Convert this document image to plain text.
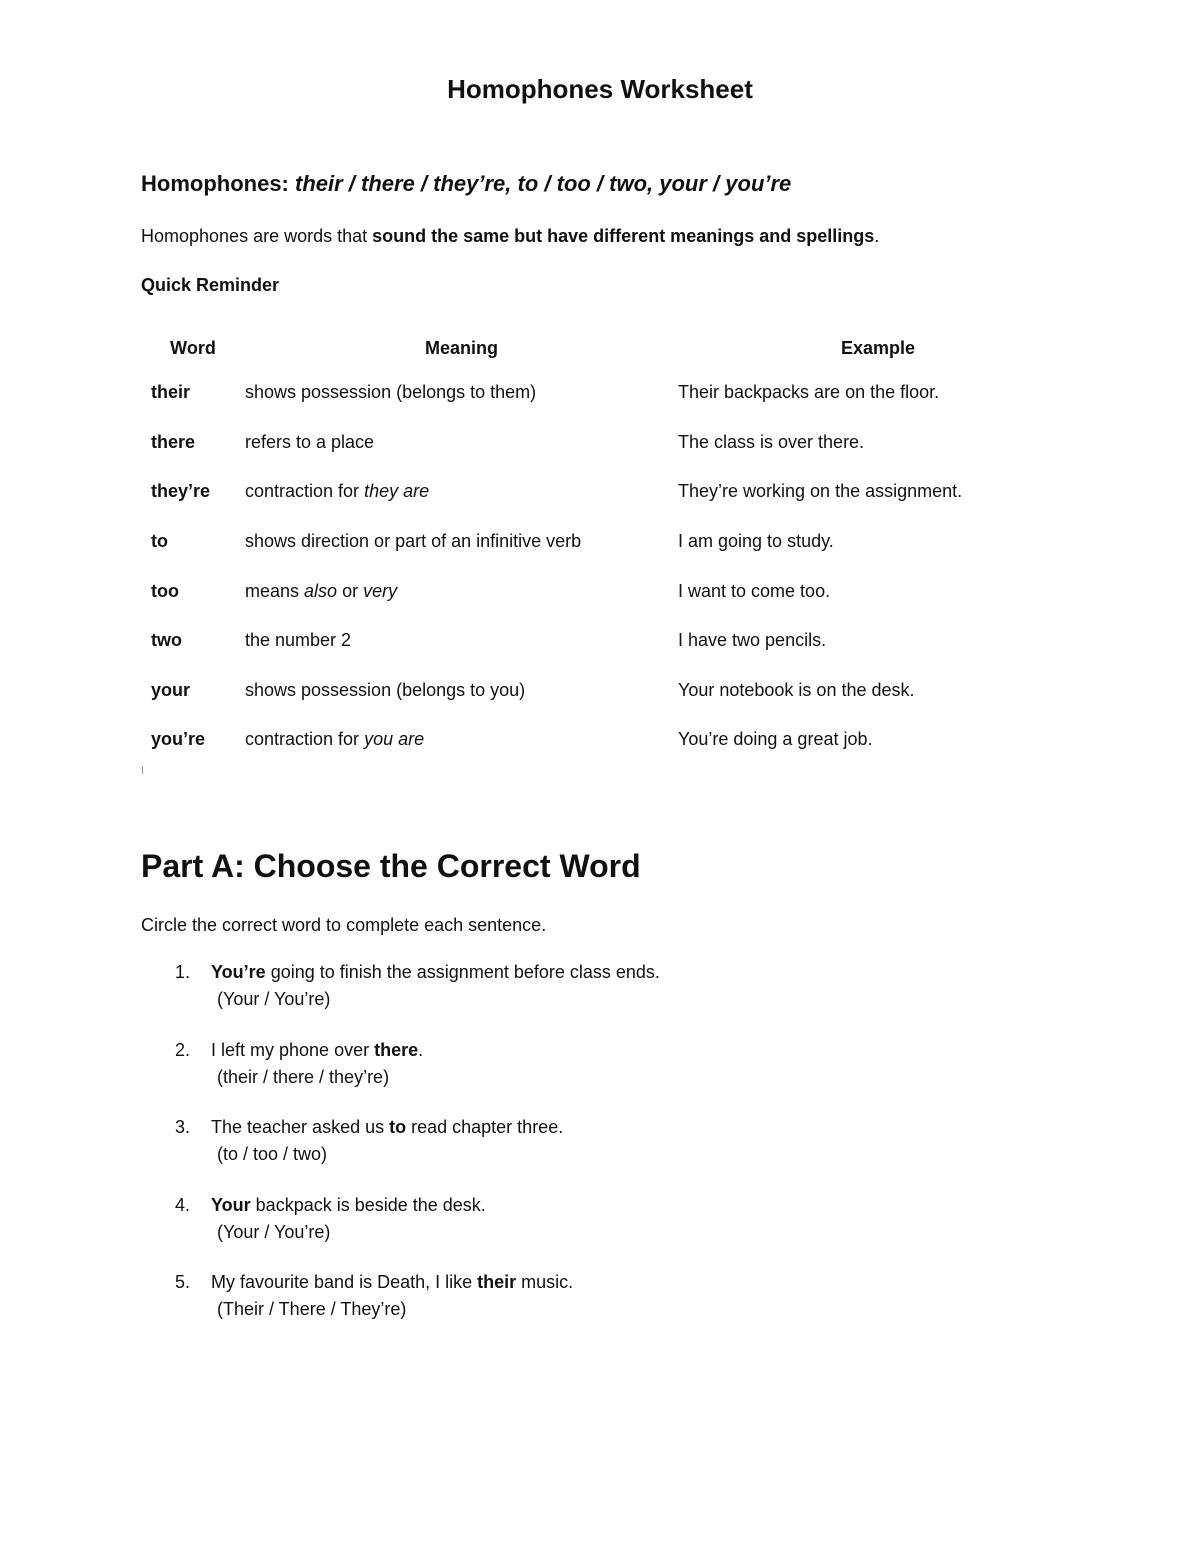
Homophones Worksheet
Homophones: their / there / they’re, to / too / two, your / you’re

Homophones are words that sound the same but have different meanings and spellings.

Quick Reminder

Word	Meaning	Example
their	shows possession (belongs to them)	Their backpacks are on the floor.
there	refers to a place	The class is over there.
they’re	contraction for they are	They’re working on the assignment.
to	shows direction or part of an infinitive verb	I am going to study.
too	means also or very	I want to come too.
two	the number 2	I have two pencils.
your	shows possession (belongs to you)	Your notebook is on the desk.
you’re	contraction for you are	You’re doing a great job.
Part A: Choose the Correct Word

Circle the correct word to complete each sentence.

1.	You’re going to finish the assignment before class ends.
(Your / You’re)
2.	I left my phone over there.
(their / there / they’re)
3.	The teacher asked us to read chapter three.
(to / too / two)
4.	Your backpack is beside the desk.
(Your / You’re)
5.	My favourite band is Death, I like their music.
(Their / There / They’re)
